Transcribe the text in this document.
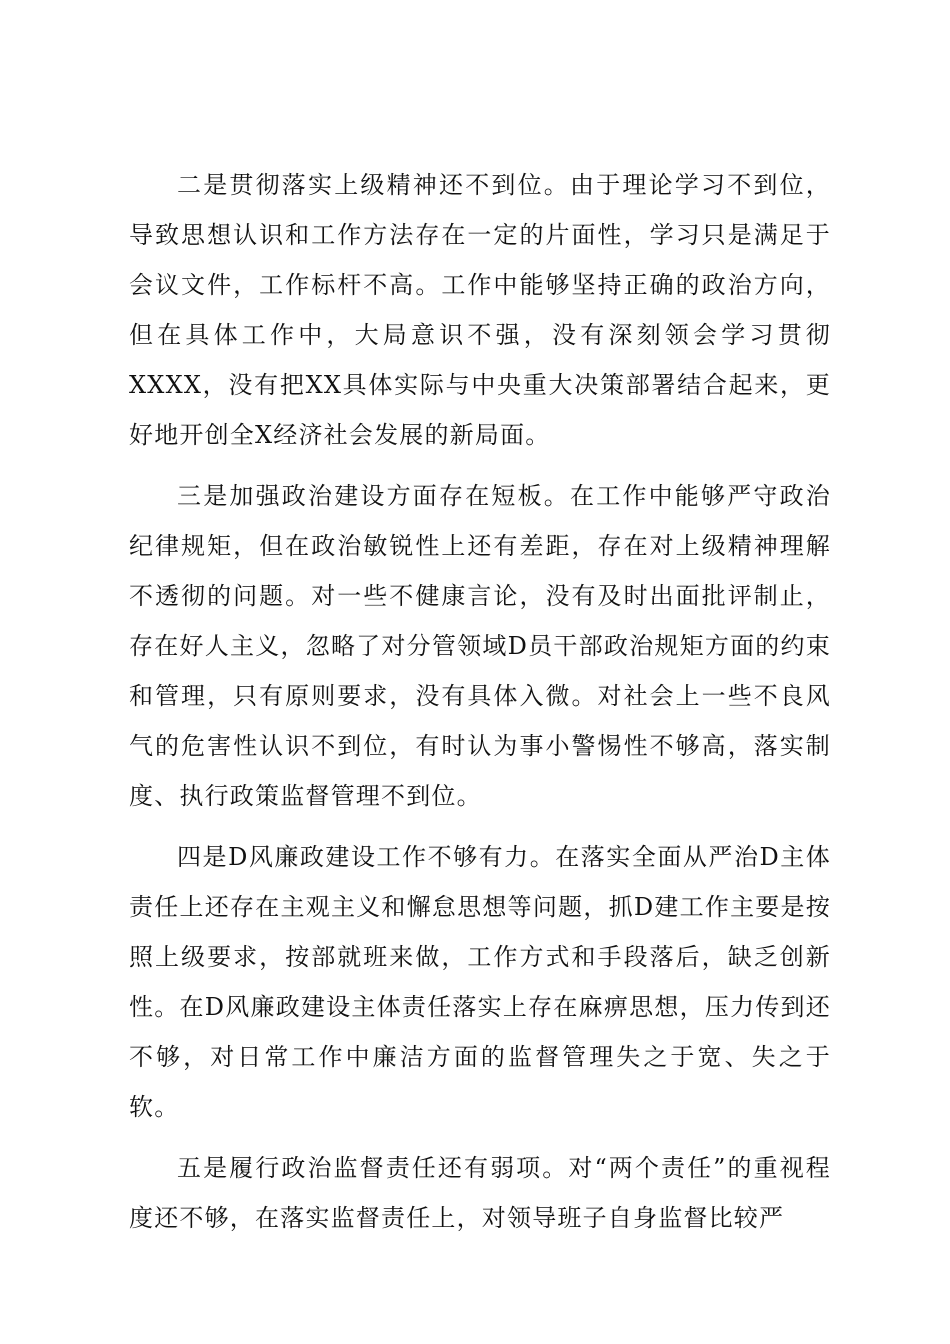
二是贯彻落实上级精神还不到位。由于理论学习不到位，导致思想认识和工作方法存在一定的片面性，学习只是满足于会议文件，工作标杆不高。工作中能够坚持正确的政治方向，但在具体工作中，大局意识不强，没有深刻领会学习贯彻XXXX，没有把XX具体实际与中央重大决策部署结合起来，更好地开创全X经济社会发展的新局面。

三是加强政治建设方面存在短板。在工作中能够严守政治纪律规矩，但在政治敏锐性上还有差距，存在对上级精神理解不透彻的问题。对一些不健康言论，没有及时出面批评制止，存在好人主义，忽略了对分管领域D员干部政治规矩方面的约束和管理，只有原则要求，没有具体入微。对社会上一些不良风气的危害性认识不到位，有时认为事小警惕性不够高，落实制度、执行政策监督管理不到位。

四是D风廉政建设工作不够有力。在落实全面从严治D主体责任上还存在主观主义和懈怠思想等问题，抓D建工作主要是按照上级要求，按部就班来做，工作方式和手段落后，缺乏创新性。在D风廉政建设主体责任落实上存在麻痹思想，压力传到还不够，对日常工作中廉洁方面的监督管理失之于宽、失之于软。

五是履行政治监督责任还有弱项。对“两个责任”的重视程度还不够，在落实监督责任上，对领导班子自身监督比较严
